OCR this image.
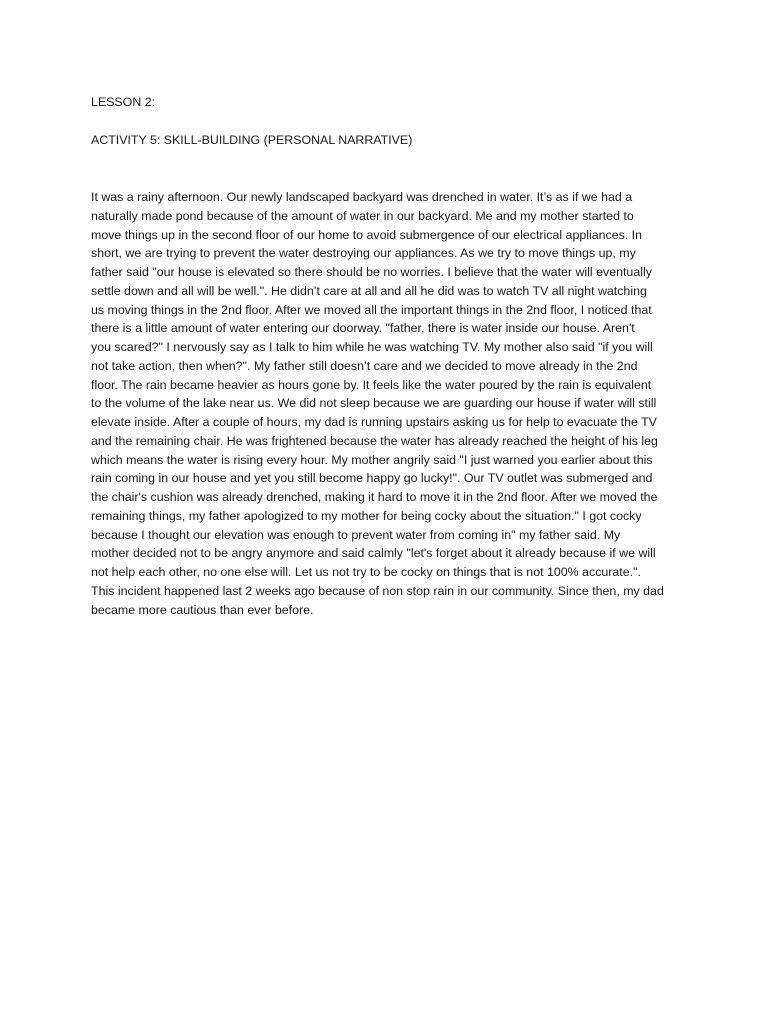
LESSON 2:
ACTIVITY 5: SKILL-BUILDING (PERSONAL NARRATIVE)
It was a rainy afternoon. Our newly landscaped backyard was drenched in water. It’s as if we had a
naturally made pond because of the amount of water in our backyard. Me and my mother started to
move things up in the second floor of our home to avoid submergence of our electrical appliances. In
short, we are trying to prevent the water destroying our appliances. As we try to move things up, my
father said "our house is elevated so there should be no worries. I believe that the water will eventually
settle down and all will be well.". He didn’t care at all and all he did was to watch TV all night watching
us moving things in the 2nd floor. After we moved all the important things in the 2nd floor, I noticed that
there is a little amount of water entering our doorway. "father, there is water inside our house. Aren't
you scared?" I nervously say as I talk to him while he was watching TV. My mother also said "if you will
not take action, then when?". My father still doesn’t care and we decided to move already in the 2nd
floor. The rain became heavier as hours gone by. It feels like the water poured by the rain is equivalent
to the volume of the lake near us. We did not sleep because we are guarding our house if water will still
elevate inside. After a couple of hours, my dad is running upstairs asking us for help to evacuate the TV
and the remaining chair. He was frightened because the water has already reached the height of his leg
which means the water is rising every hour. My mother angrily said "I just warned you earlier about this
rain coming in our house and yet you still become happy go lucky!". Our TV outlet was submerged and
the chair's cushion was already drenched, making it hard to move it in the 2nd floor. After we moved the
remaining things, my father apologized to my mother for being cocky about the situation." I got cocky
because I thought our elevation was enough to prevent water from coming in" my father said. My
mother decided not to be angry anymore and said calmly "let's forget about it already because if we will
not help each other, no one else will. Let us not try to be cocky on things that is not 100% accurate.".
This incident happened last 2 weeks ago because of non stop rain in our community. Since then, my dad
became more cautious than ever before.
